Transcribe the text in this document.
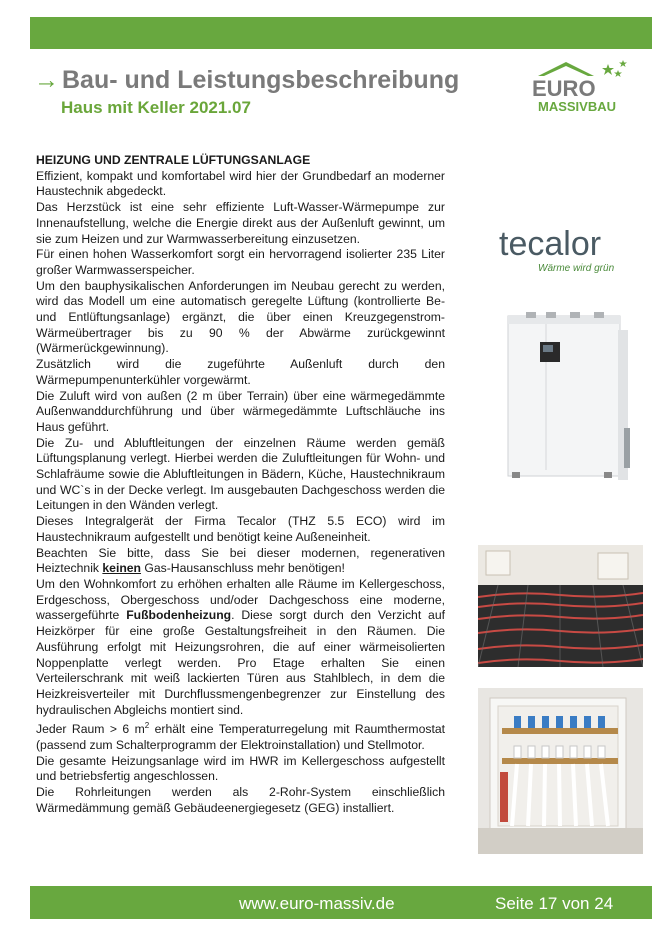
→ Bau- und Leistungsbeschreibung
Haus mit Keller 2021.07
EURO
MASSIVBAU

HEIZUNG UND ZENTRALE LÜFTUNGSANLAGE

Effizient, kompakt und komfortabel wird hier der Grundbedarf an moderner Haustechnik abgedeckt.

Das Herzstück ist eine sehr effiziente Luft-Wasser-Wärmepumpe zur Innenaufstellung, welche die Energie direkt aus der Außenluft gewinnt, um sie zum Heizen und zur Warmwasserbereitung einzusetzen.

Für einen hohen Wasserkomfort sorgt ein hervorragend isolierter 235 Liter großer Warmwasserspeicher.

Um den bauphysikalischen Anforderungen im Neubau gerecht zu werden, wird das Modell um eine automatisch geregelte Lüftung (kontrollierte Be- und Entlüftungsanlage) ergänzt, die über einen Kreuzgegenstrom-Wärmeübertrager bis zu 90 % der Abwärme zurückgewinnt (Wärmerückgewinnung).

Zusätzlich wird die zugeführte Außenluft durch den Wärmepumpenunterkühler vorgewärmt.

Die Zuluft wird von außen (2 m über Terrain) über eine wärmegedämmte Außenwanddurchführung und über wärmegedämmte Luftschläuche ins Haus geführt.

Die Zu- und Abluftleitungen der einzelnen Räume werden gemäß Lüftungsplanung verlegt. Hierbei werden die Zuluftleitungen für Wohn- und Schlafräume sowie die Abluftleitungen in Bädern, Küche, Haustechnikraum und WC`s in der Decke verlegt. Im ausgebauten Dachgeschoss werden die Leitungen in den Wänden verlegt.

Dieses Integralgerät der Firma Tecalor (THZ 5.5 ECO) wird im Haustechnikraum aufgestellt und benötigt keine Außeneinheit.

Beachten Sie bitte, dass Sie bei dieser modernen, regenerativen Heiztechnik keinen Gas-Hausanschluss mehr benötigen!

Um den Wohnkomfort zu erhöhen erhalten alle Räume im Kellergeschoss, Erdgeschoss, Obergeschoss und/oder Dachgeschoss eine moderne, wassergeführte Fußbodenheizung. Diese sorgt durch den Verzicht auf Heizkörper für eine große Gestaltungsfreiheit in den Räumen. Die Ausführung erfolgt mit Heizungsrohren, die auf einer wärmeisolierten Noppenplatte verlegt werden. Pro Etage erhalten Sie einen Verteilerschrank mit weiß lackierten Türen aus Stahlblech, in dem die Heizkreisverteiler mit Durchflussmengenbegrenzer zur Einstellung des hydraulischen Abgleichs montiert sind.

Jeder Raum > 6 $m^2$ erhält eine Temperaturregelung mit Raumthermostat (passend zum Schalterprogramm der Elektroinstallation) und Stellmotor.

Die gesamte Heizungsanlage wird im HWR im Kellergeschoss aufgestellt und betriebsfertig angeschlossen.

Die Rohrleitungen werden als 2-Rohr-System einschließlich Wärmedämmung gemäß Gebäudeenergiegesetz (GEG) installiert.

tecalor
Wärme wird grün
www.euro-massiv.de	Seite 17 von 24
